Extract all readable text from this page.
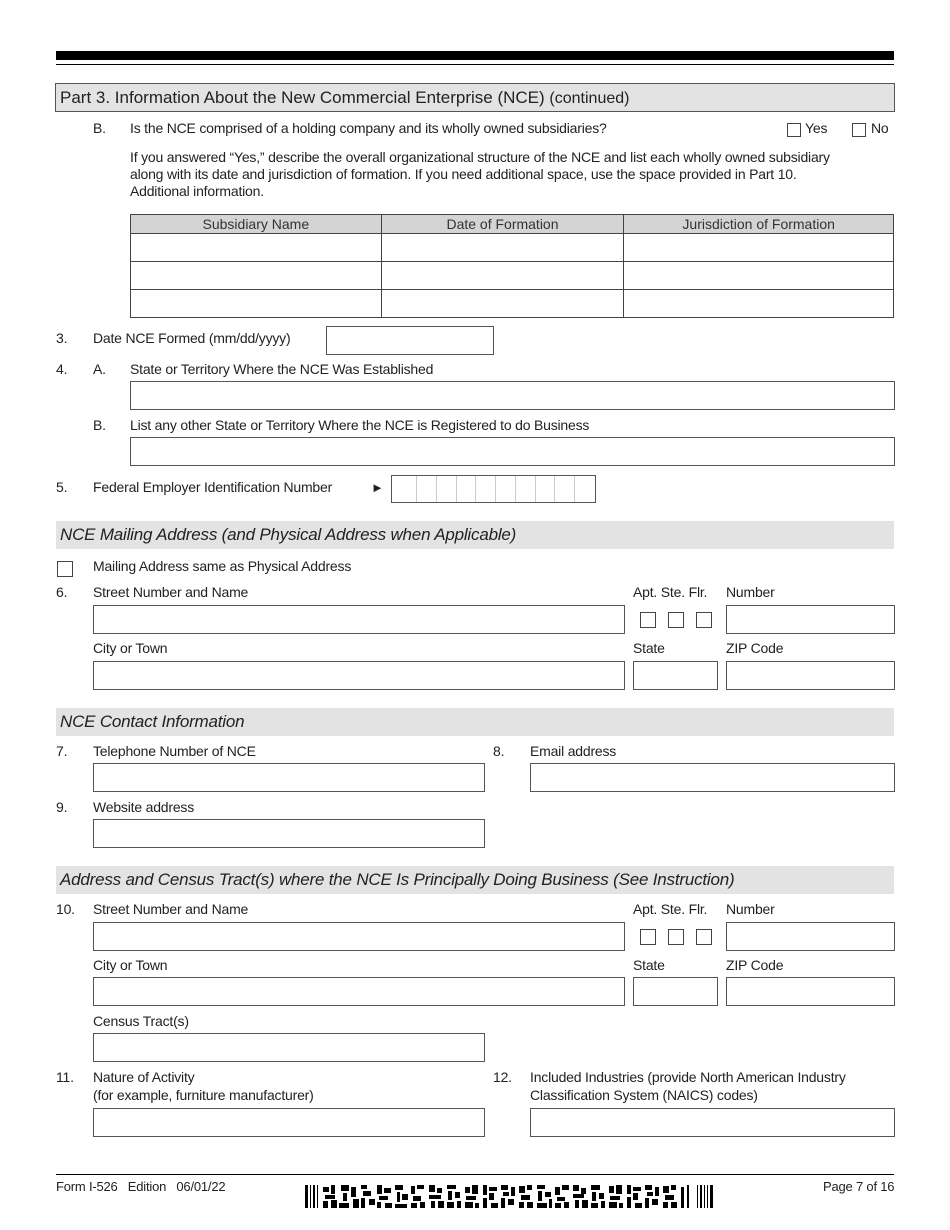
Part 3. Information About the New Commercial Enterprise (NCE) (continued)
B. Is the NCE comprised of a holding company and its wholly owned subsidiaries?	Yes	No
If you answered “Yes,” describe the overall organizational structure of the NCE and list each wholly owned subsidiary
along with its date and jurisdiction of formation. If you need additional space, use the space provided in Part 10.
Additional information.
Subsidiary Name	Date of Formation	Jurisdiction of Formation

3. Date NCE Formed (mm/dd/yyyy)
4. A. State or Territory Where the NCE Was Established
B. List any other State or Territory Where the NCE is Registered to do Business
5. Federal Employer Identification Number	►
NCE Mailing Address (and Physical Address when Applicable)
Mailing Address same as Physical Address
6. Street Number and Name	Apt. Ste. Flr. Number
City or Town	State	ZIP Code
NCE Contact Information
7. Telephone Number of NCE	8. Email address
9. Website address
Address and Census Tract(s) where the NCE Is Principally Doing Business (See Instruction)
10. Street Number and Name	Apt. Ste. Flr. Number
City or Town	State	ZIP Code
Census Tract(s)
11. Nature of Activity
(for example, furniture manufacturer)
12. Included Industries (provide North American Industry
Classification System (NAICS) codes)
Form I-526   Edition   06/01/22	Page 7 of 16
